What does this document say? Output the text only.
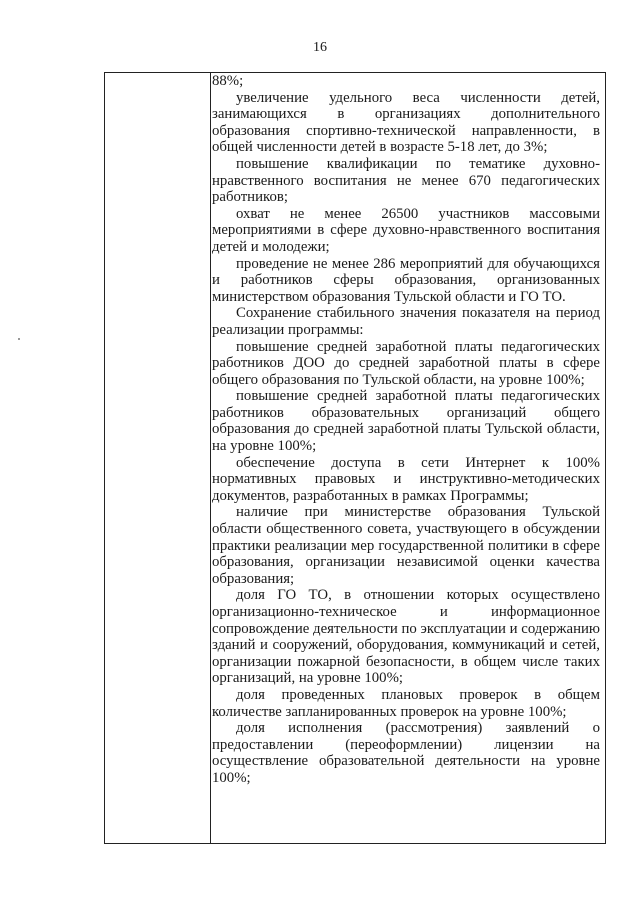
16

88%;

увеличение удельного веса численности детей, занимающихся в организациях дополнительного образования спортивно-технической направленности, в общей численности детей в возрасте 5-18 лет, до 3%;

повышение квалификации по тематике духовно-нравственного воспитания не менее 670 педагогических работников;

охват не менее 26500 участников массовыми мероприятиями в сфере духовно-нравственного воспитания детей и молодежи;

проведение не менее 286 мероприятий для обучающихся и работников сферы образования, организованных министерством образования Тульской области и ГО ТО.

Сохранение стабильного значения показателя на период реализации программы:

повышение средней заработной платы педагогических работников ДОО до средней заработной платы в сфере общего образования по Тульской области, на уровне 100%;

повышение средней заработной платы педагогических работников образовательных организаций общего образования до средней заработной платы Тульской области, на уровне 100%;

обеспечение доступа в сети Интернет к 100% нормативных правовых и инструктивно-методических документов, разработанных в рамках Программы;

наличие при министерстве образования Тульской области общественного совета, участвующего в обсуждении практики реализации мер государственной политики в сфере образования, организации независимой оценки качества образования;

доля ГО ТО, в отношении которых осуществлено организационно-техническое и информационное сопровождение деятельности по эксплуатации и содержанию зданий и сооружений, оборудования, коммуникаций и сетей, организации пожарной безопасности, в общем числе таких организаций, на уровне 100%;

доля проведенных плановых проверок в общем количестве запланированных проверок на уровне 100%;

доля исполнения (рассмотрения) заявлений о предоставлении (переоформлении) лицензии на осуществление образовательной деятельности на уровне 100%;
